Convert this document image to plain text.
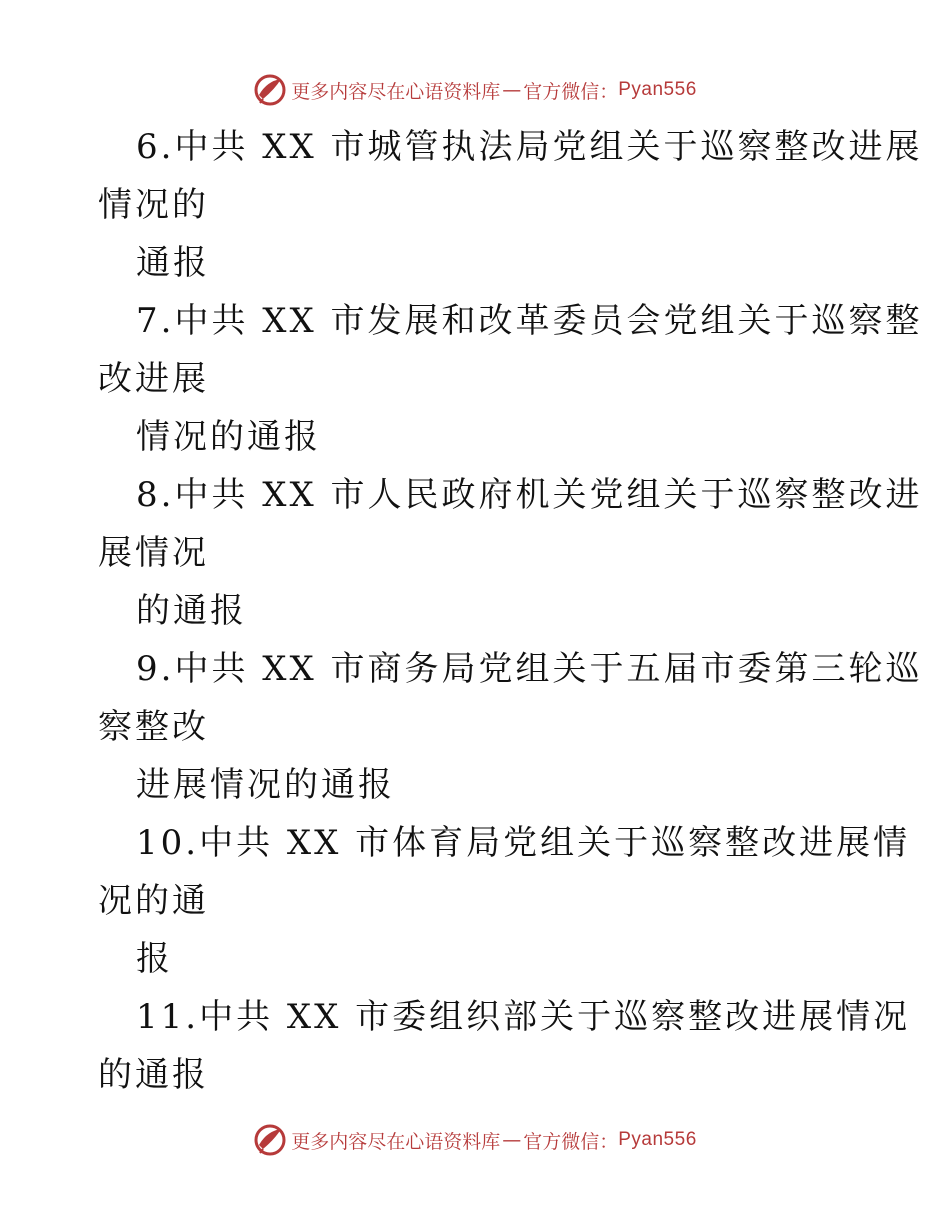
更多内容尽在心语资料库 — 官方微信： Pyan556
6.中共 XX 市城管执法局党组关于巡察整改进展
情况的
通报
7.中共 XX 市发展和改革委员会党组关于巡察整
改进展
情况的通报
8.中共 XX 市人民政府机关党组关于巡察整改进
展情况
的通报
9.中共 XX 市商务局党组关于五届市委第三轮巡
察整改
进展情况的通报
10.中共 XX 市体育局党组关于巡察整改进展情
况的通
报
11.中共 XX 市委组织部关于巡察整改进展情况
的通报
更多内容尽在心语资料库 — 官方微信： Pyan556
